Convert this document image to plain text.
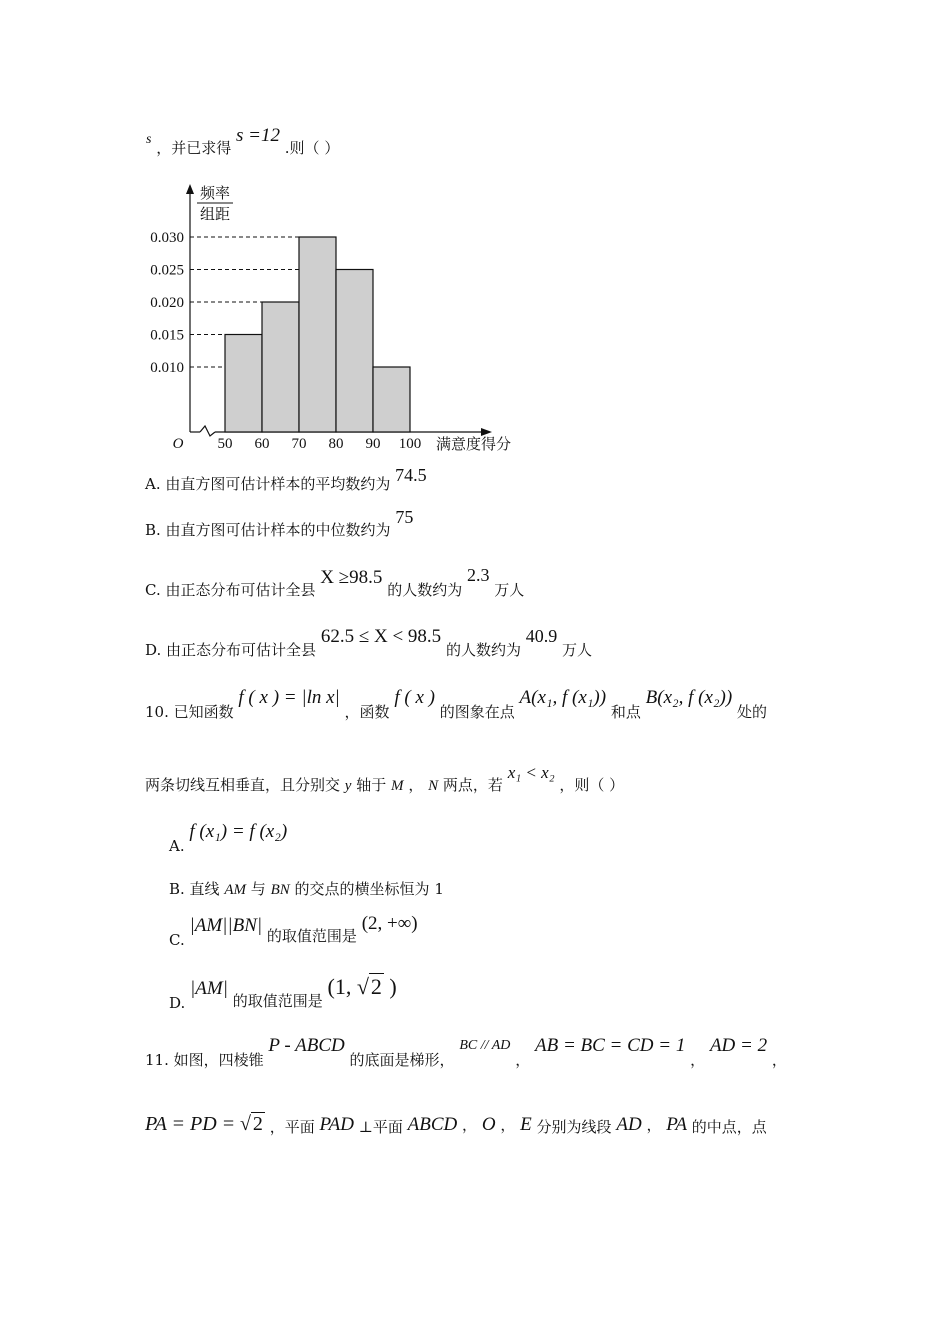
s ，并已求得 s =12 .则（ ）
0.010
0.015
0.020
0.025
0.030
50 60 70 80 90 100
O	满意度得分
频率
组距
A. 由直方图可估计样本的平均数约为 74.5
B. 由直方图可估计样本的中位数约为 75
C. 由正态分布可估计全县 X ≥98.5 的人数约为 2.3 万人
D. 由正态分布可估计全县 62.5 ≤ X < 98.5 的人数约为 40.9 万人
10. 已知函数 f ( x ) = |ln x| ，函数 f ( x ) 的图象在点 A(x₁, f (x₁)) 和点 B(x₂, f (x₂)) 处的
两条切线互相垂直，且分别交 y 轴于 M ， N 两点，若 x₁ < x₂ ，则（ ）
A. f (x₁) = f (x₂)
B. 直线 AM 与 BN 的交点的横坐标恒为 1
C. |AM||BN| 的取值范围是 (2, +∞)
D. |AM| 的取值范围是 (1, √2 )
11. 如图，四棱锥 P - ABCD 的底面是梯形， BC // AD ， AB = BC = CD = 1 ， AD = 2 ，
PA = PD = √ 2 ，平面 PAD ⊥平面 ABCD ， O ， E 分别为线段 AD ， PA 的中点，点
